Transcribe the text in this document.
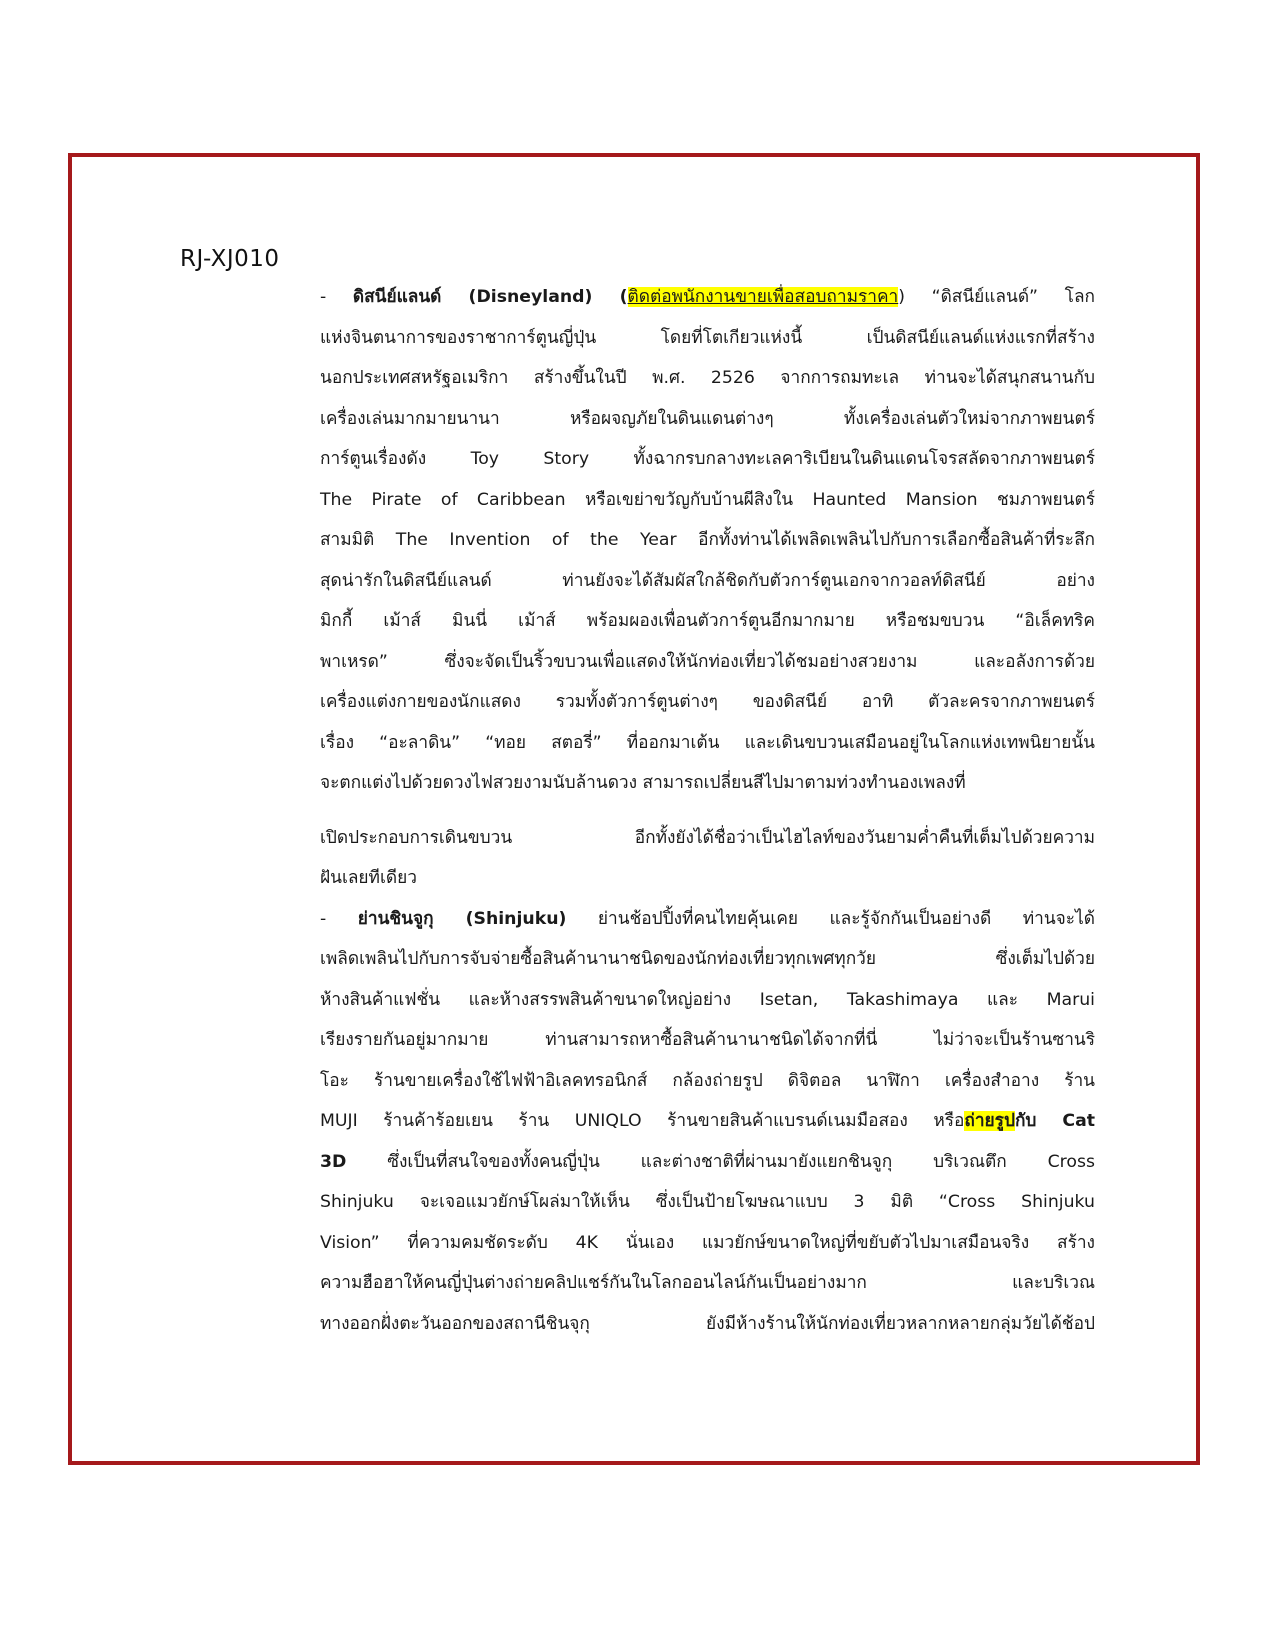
RJ-XJ010
- ดิสนีย์แลนด์ (Disneyland) (ติดต่อพนักงานขายเพื่อสอบถามราคา) “ดิสนีย์แลนด์” โลก
แห่งจินตนาการของราชาการ์ตูนญี่ปุ่น โดยที่โตเกียวแห่งนี้ เป็นดิสนีย์แลนด์แห่งแรกที่สร้าง
นอกประเทศสหรัฐอเมริกา สร้างขึ้นในปี พ.ศ. 2526 จากการถมทะเล ท่านจะได้สนุกสนานกับ
เครื่องเล่นมากมายนานา หรือผจญภัยในดินแดนต่างๆ ทั้งเครื่องเล่นตัวใหม่จากภาพยนตร์
การ์ตูนเรื่องดัง Toy Story ทั้งฉากรบกลางทะเลคาริเบียนในดินแดนโจรสลัดจากภาพยนตร์
The Pirate of Caribbean หรือเขย่าขวัญกับบ้านผีสิงใน Haunted Mansion ชมภาพยนตร์
สามมิติ The Invention of the Year อีกทั้งท่านได้เพลิดเพลินไปกับการเลือกซื้อสินค้าที่ระลึก
สุดน่ารักในดิสนีย์แลนด์ ท่านยังจะได้สัมผัสใกล้ชิดกับตัวการ์ตูนเอกจากวอลท์ดิสนีย์ อย่าง
มิกกี้ เม้าส์ มินนี่ เม้าส์ พร้อมผองเพื่อนตัวการ์ตูนอีกมากมาย หรือชมขบวน “อิเล็คทริค
พาเหรด” ซึ่งจะจัดเป็นริ้วขบวนเพื่อแสดงให้นักท่องเที่ยวได้ชมอย่างสวยงาม และอลังการด้วย
เครื่องแต่งกายของนักแสดง รวมทั้งตัวการ์ตูนต่างๆ ของดิสนีย์ อาทิ ตัวละครจากภาพยนตร์
เรื่อง “อะลาดิน” “ทอย สตอรี่” ที่ออกมาเต้น และเดินขบวนเสมือนอยู่ในโลกแห่งเทพนิยายนั้น
จะตกแต่งไปด้วยดวงไฟสวยงามนับล้านดวง สามารถเปลี่ยนสีไปมาตามท่วงทำนองเพลงที่
เปิดประกอบการเดินขบวน อีกทั้งยังได้ชื่อว่าเป็นไฮไลท์ของวันยามค่ำคืนที่เต็มไปด้วยความ
ฝันเลยทีเดียว
- ย่านชินจูกุ (Shinjuku) ย่านช้อปปิ้งที่คนไทยคุ้นเคย และรู้จักกันเป็นอย่างดี ท่านจะได้
เพลิดเพลินไปกับการจับจ่ายซื้อสินค้านานาชนิดของนักท่องเที่ยวทุกเพศทุกวัย ซึ่งเต็มไปด้วย
ห้างสินค้าแฟชั่น และห้างสรรพสินค้าขนาดใหญ่อย่าง Isetan, Takashimaya และ Marui
เรียงรายกันอยู่มากมาย ท่านสามารถหาซื้อสินค้านานาชนิดได้จากที่นี่ ไม่ว่าจะเป็นร้านซานริ
โอะ ร้านขายเครื่องใช้ไฟฟ้าอิเลคทรอนิกส์ กล้องถ่ายรูป ดิจิตอล นาฬิกา เครื่องสำอาง ร้าน
MUJI ร้านค้าร้อยเยน ร้าน UNIQLO ร้านขายสินค้าแบรนด์เนมมือสอง หรือถ่ายรูปกับ Cat
3D ซึ่งเป็นที่สนใจของทั้งคนญี่ปุ่น และต่างชาติที่ผ่านมายังแยกชินจูกุ บริเวณตึก Cross
Shinjuku จะเจอแมวยักษ์โผล่มาให้เห็น ซึ่งเป็นป้ายโฆษณาแบบ 3 มิติ “Cross Shinjuku
Vision” ที่ความคมชัดระดับ 4K นั่นเอง แมวยักษ์ขนาดใหญ่ที่ขยับตัวไปมาเสมือนจริง สร้าง
ความฮือฮาให้คนญี่ปุ่นต่างถ่ายคลิปแชร์กันในโลกออนไลน์กันเป็นอย่างมาก และบริเวณ
ทางออกฝั่งตะวันออกของสถานีชินจุกุ ยังมีห้างร้านให้นักท่องเที่ยวหลากหลายกลุ่มวัยได้ช้อป
